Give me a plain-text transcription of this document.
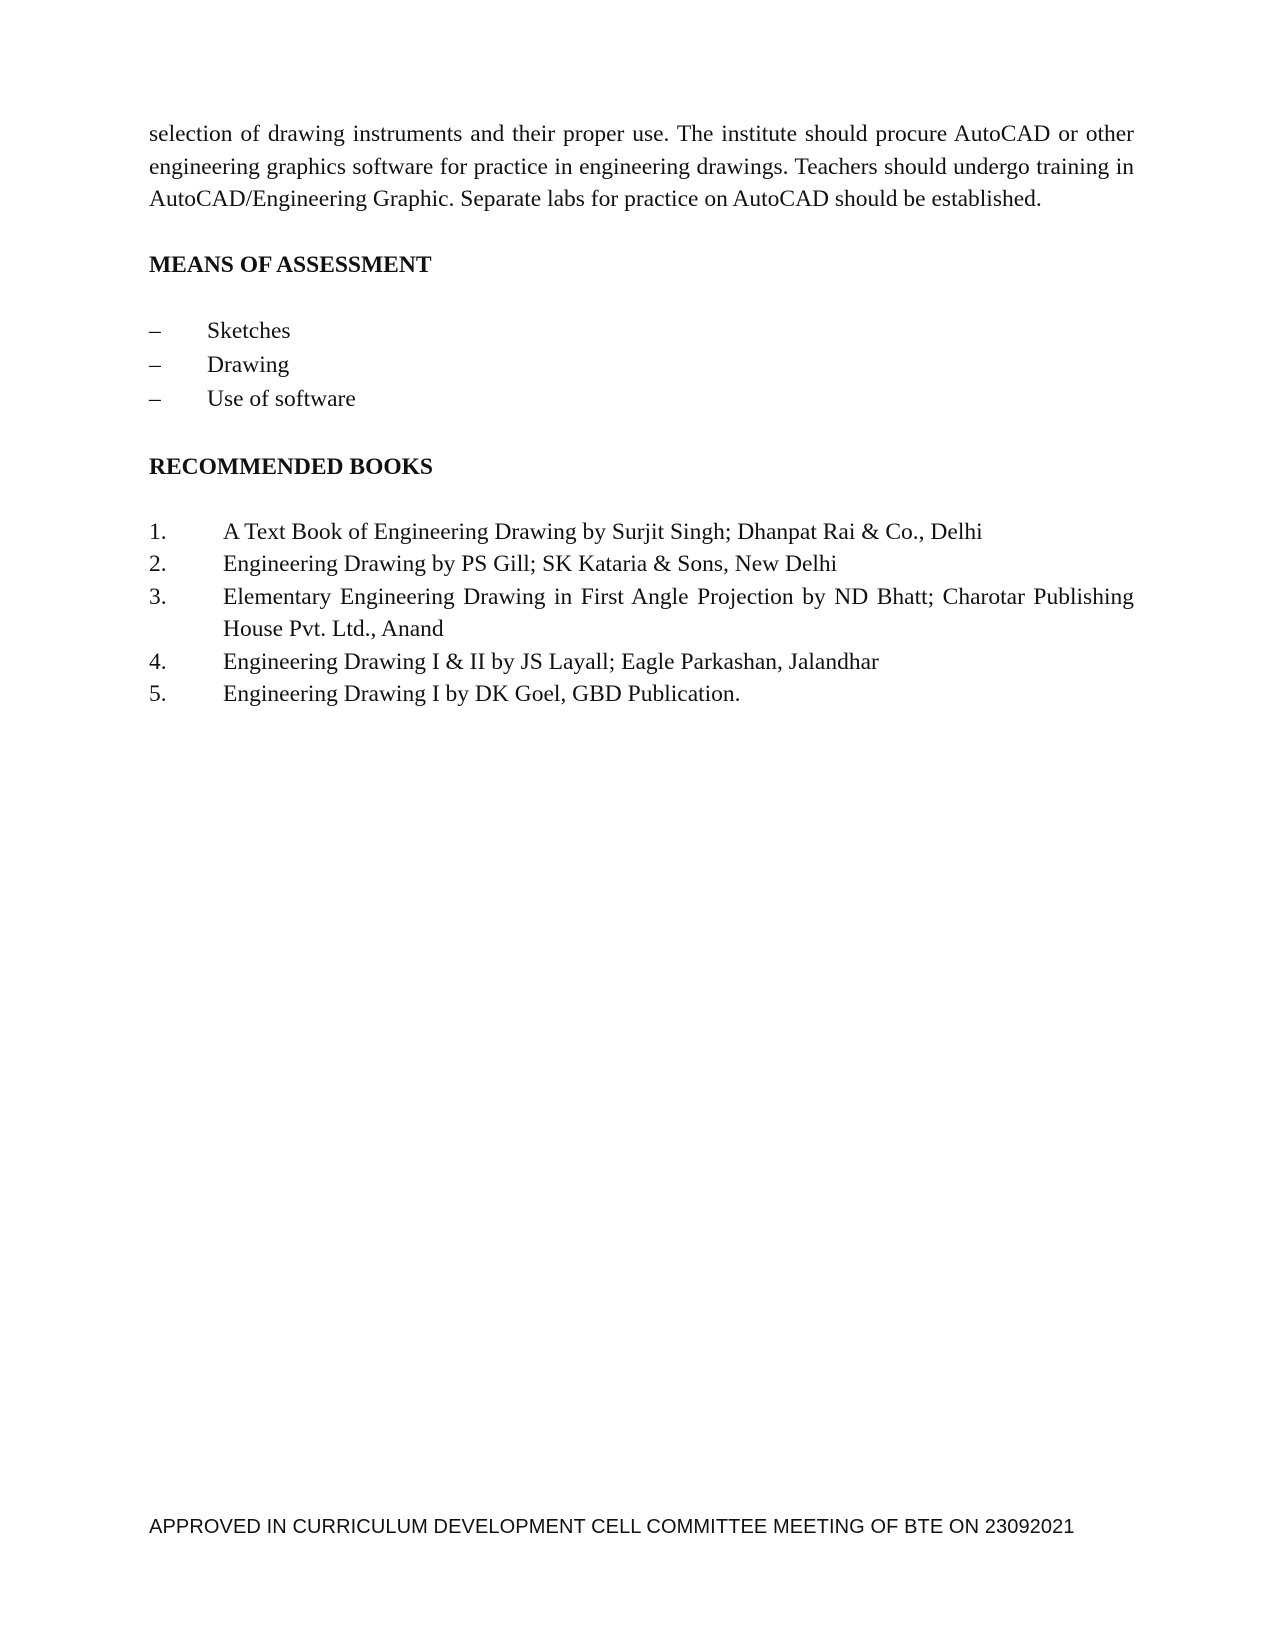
selection of drawing instruments and their proper use. The institute should procure AutoCAD or other engineering graphics software for practice in engineering drawings. Teachers should undergo training in AutoCAD/Engineering Graphic. Separate labs for practice on AutoCAD should be established.

MEANS OF ASSESSMENT
–	Sketches
–	Drawing
–	Use of software
RECOMMENDED BOOKS
1.	A Text Book of Engineering Drawing by Surjit Singh; Dhanpat Rai & Co., Delhi
2.	Engineering Drawing by PS Gill; SK Kataria & Sons, New Delhi
3.	Elementary Engineering Drawing in First Angle Projection by ND Bhatt; Charotar Publishing House Pvt. Ltd., Anand
4.	Engineering Drawing I & II by JS Layall; Eagle Parkashan, Jalandhar
5.	Engineering Drawing I by DK Goel, GBD Publication.
APPROVED IN CURRICULUM DEVELOPMENT CELL COMMITTEE MEETING OF BTE ON 23092021
